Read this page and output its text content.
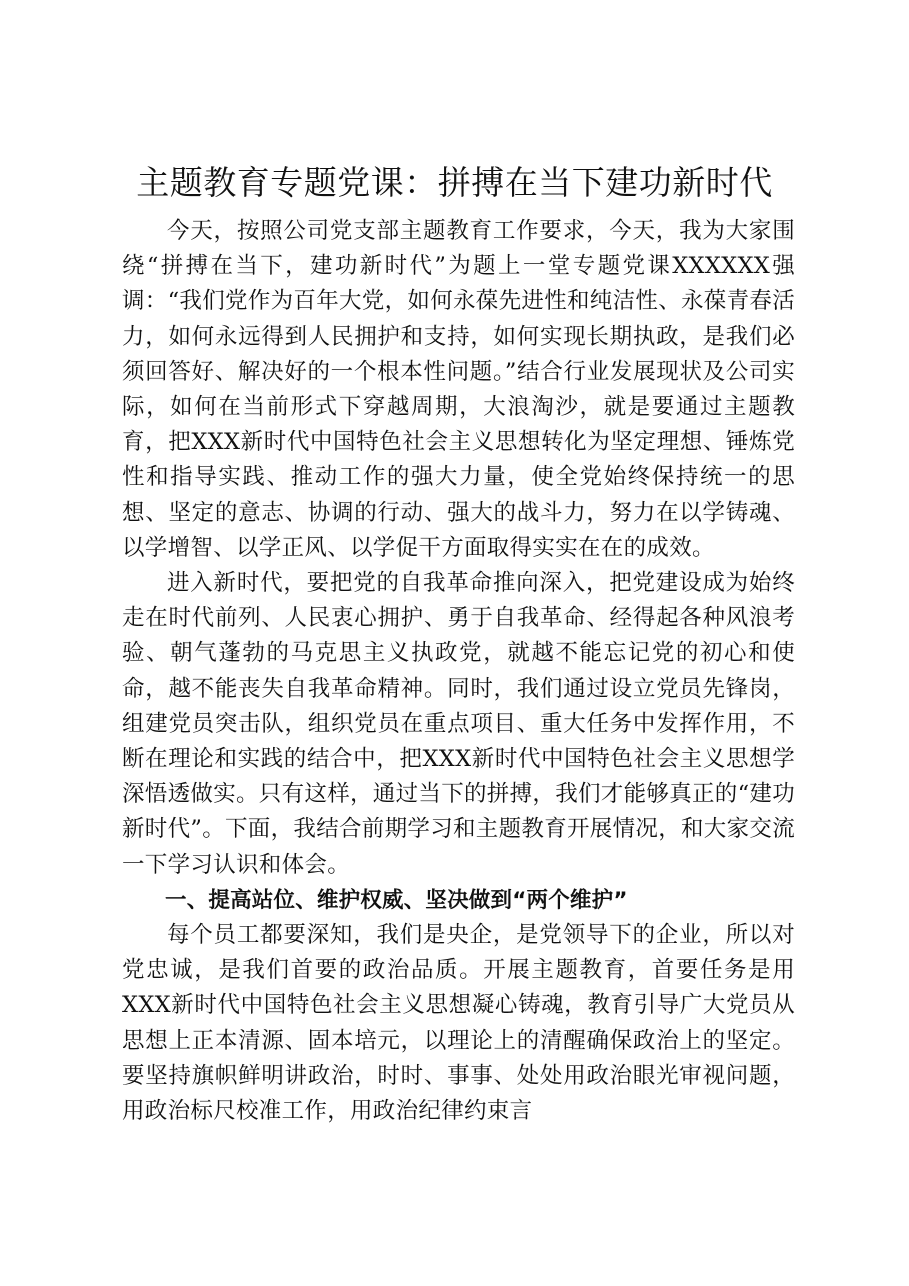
主题教育专题党课：拼搏在当下建功新时代

今天，按照公司党支部主题教育工作要求，今天，我为大家围绕“拼搏在当下，建功新时代”为题上一堂专题党课XXXXXX强调：“我们党作为百年大党，如何永葆先进性和纯洁性、永葆青春活力，如何永远得到人民拥护和支持，如何实现长期执政，是我们必须回答好、解决好的一个根本性问题。”结合行业发展现状及公司实际，如何在当前形式下穿越周期，大浪淘沙，就是要通过主题教育，把XXX新时代中国特色社会主义思想转化为坚定理想、锤炼党性和指导实践、推动工作的强大力量，使全党始终保持统一的思想、坚定的意志、协调的行动、强大的战斗力，努力在以学铸魂、以学增智、以学正风、以学促干方面取得实实在在的成效。

进入新时代，要把党的自我革命推向深入，把党建设成为始终走在时代前列、人民衷心拥护、勇于自我革命、经得起各种风浪考验、朝气蓬勃的马克思主义执政党，就越不能忘记党的初心和使命，越不能丧失自我革命精神。同时，我们通过设立党员先锋岗，组建党员突击队，组织党员在重点项目、重大任务中发挥作用，不断在理论和实践的结合中，把XXX新时代中国特色社会主义思想学深悟透做实。只有这样，通过当下的拼搏，我们才能够真正的“建功新时代”。下面，我结合前期学习和主题教育开展情况，和大家交流一下学习认识和体会。

一、提高站位、维护权威、坚决做到“两个维护”

每个员工都要深知，我们是央企，是党领导下的企业，所以对党忠诚，是我们首要的政治品质。开展主题教育，首要任务是用XXX新时代中国特色社会主义思想凝心铸魂，教育引导广大党员从思想上正本清源、固本培元，以理论上的清醒确保政治上的坚定。要坚持旗帜鲜明讲政治，时时、事事、处处用政治眼光审视问题，用政治标尺校准工作，用政治纪律约束言
